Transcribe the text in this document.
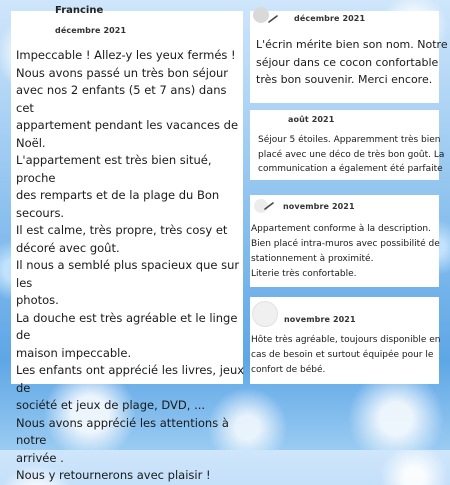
Francine
décembre 2021

Impeccable ! Allez-y les yeux fermés !

Nous avons passé un très bon séjour

avec nos 2 enfants (5 et 7 ans) dans cet

appartement pendant les vacances de

Noël.

L'appartement est très bien situé, proche

des remparts et de la plage du Bon

secours.

Il est calme, très propre, très cosy et

décoré avec goût.

Il nous a semblé plus spacieux que sur les

photos.

La douche est très agréable et le linge de

maison impeccable.

Les enfants ont apprécié les livres, jeux de

société et jeux de plage, DVD, ...

Nous avons apprécié les attentions à notre

arrivée .

Nous y retournerons avec plaisir !

décembre 2021

L'écrin mérite bien son nom. Notre

séjour dans ce cocon confortable

très bon souvenir. Merci encore.

août 2021

Séjour 5 étoiles. Apparemment très bien

placé avec une déco de très bon goût. La

communication a également été parfaite

novembre 2021

Appartement conforme à la description.

Bien placé intra-muros avec possibilité de

stationnement à proximité.

Literie très confortable.

novembre 2021

Hôte très agréable, toujours disponible en

cas de besoin et surtout équipée pour le

confort de bébé.
